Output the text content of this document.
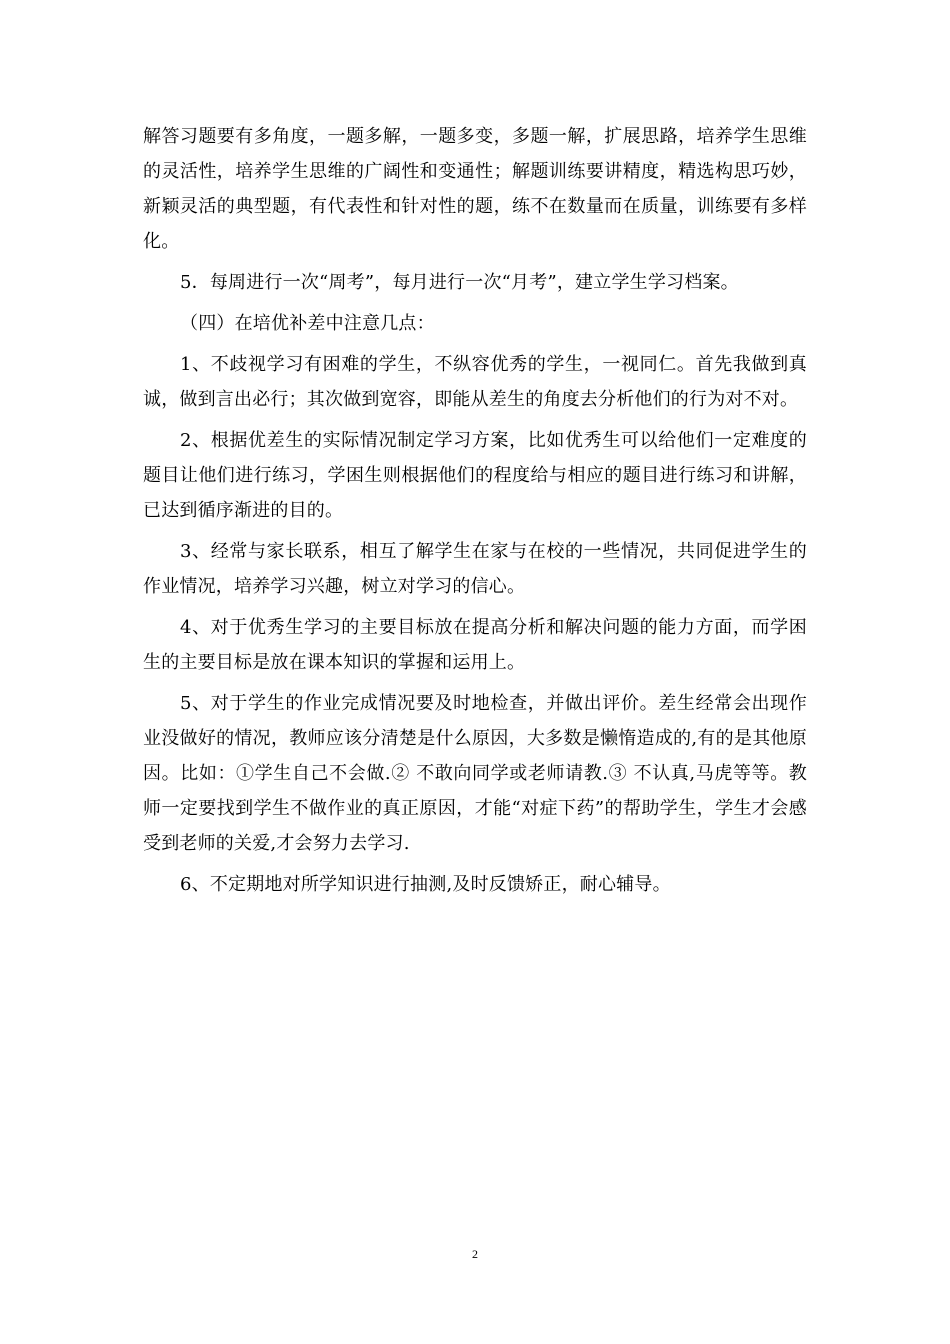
解答习题要有多角度，一题多解，一题多变，多题一解，扩展思路，培养学生思维的灵活性，培养学生思维的广阔性和变通性；解题训练要讲精度，精选构思巧妙，新颖灵活的典型题，有代表性和针对性的题，练不在数量而在质量，训练要有多样化。

5．每周进行一次“周考”，每月进行一次“月考”，建立学生学习档案。

（四）在培优补差中注意几点：

1、不歧视学习有困难的学生，不纵容优秀的学生，一视同仁。首先我做到真诚，做到言出必行；其次做到宽容，即能从差生的角度去分析他们的行为对不对。

2、根据优差生的实际情况制定学习方案，比如优秀生可以给他们一定难度的题目让他们进行练习，学困生则根据他们的程度给与相应的题目进行练习和讲解，已达到循序渐进的目的。

3、经常与家长联系，相互了解学生在家与在校的一些情况，共同促进学生的作业情况，培养学习兴趣，树立对学习的信心。

4、对于优秀生学习的主要目标放在提高分析和解决问题的能力方面，而学困生的主要目标是放在课本知识的掌握和运用上。

5、对于学生的作业完成情况要及时地检查，并做出评价。差生经常会出现作业没做好的情况，教师应该分清楚是什么原因，大多数是懒惰造成的,有的是其他原因。比如：①学生自己不会做.② 不敢向同学或老师请教.③ 不认真,马虎等等。教师一定要找到学生不做作业的真正原因，才能“对症下药”的帮助学生，学生才会感受到老师的关爱,才会努力去学习.

6、不定期地对所学知识进行抽测,及时反馈矫正，耐心辅导。

2
